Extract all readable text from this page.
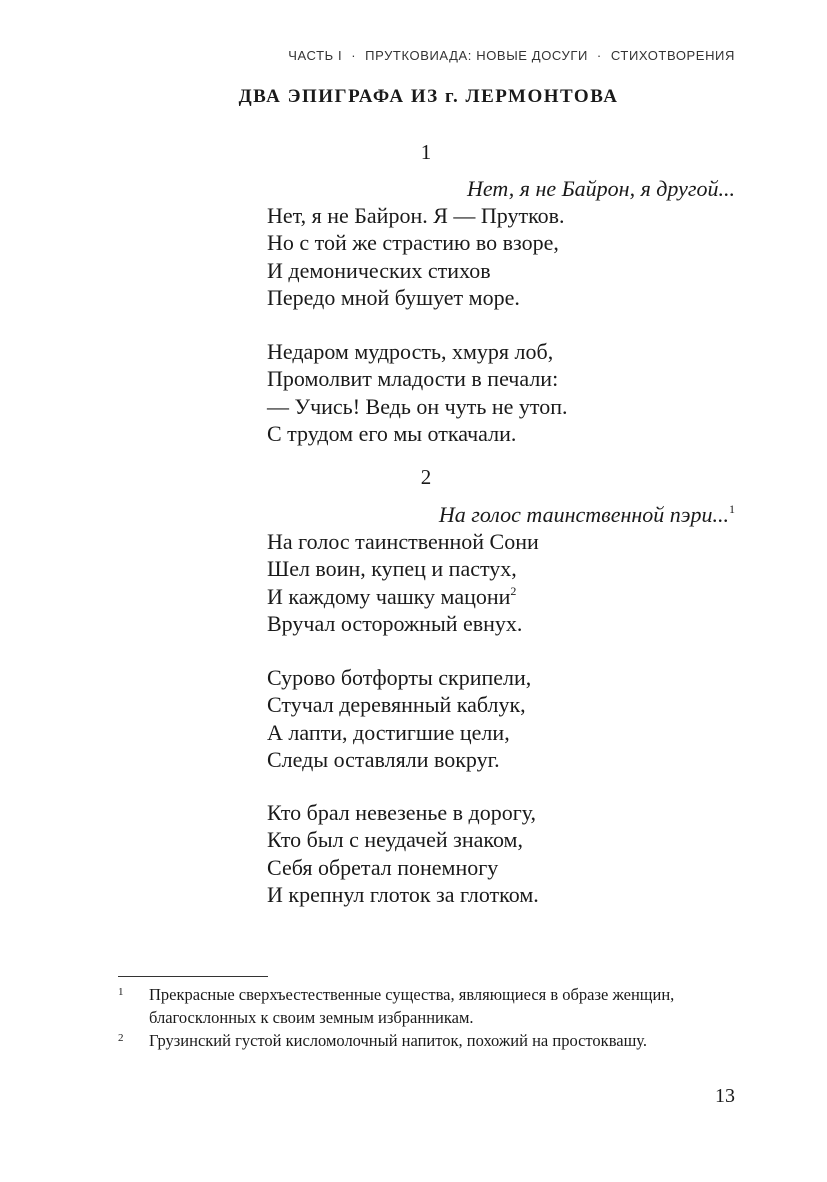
ЧАСТЬ I · ПРУТКОВИАДА: НОВЫЕ ДОСУГИ · СТИХОТВОРЕНИЯ
ДВА ЭПИГРАФА ИЗ г. ЛЕРМОНТОВА
1
Нет, я не Байрон, я другой...
Нет, я не Байрон. Я — Прутков.
Но с той же страстию во взоре,
И демонических стихов
Передо мной бушует море.
Недаром мудрость, хмуря лоб,
Промолвит младости в печали:
— Учись! Ведь он чуть не утоп.
С трудом его мы откачали.
2
На голос таинственной пэри...$^1$
На голос таинственной Сони
Шел воин, купец и пастух,
И каждому чашку мацони$^2$
Вручал осторожный евнух.
Сурово ботфорты скрипели,
Стучал деревянный каблук,
А лапти, достигшие цели,
Следы оставляли вокруг.
Кто брал невезенье в дорогу,
Кто был с неудачей знаком,
Себя обретал понемногу
И крепнул глоток за глотком.
1 Прекрасные сверхъестественные существа, являющиеся в образе женщин, благосклонных к своим земным избранникам.
2 Грузинский густой кисломолочный напиток, похожий на простоквашу.
13
